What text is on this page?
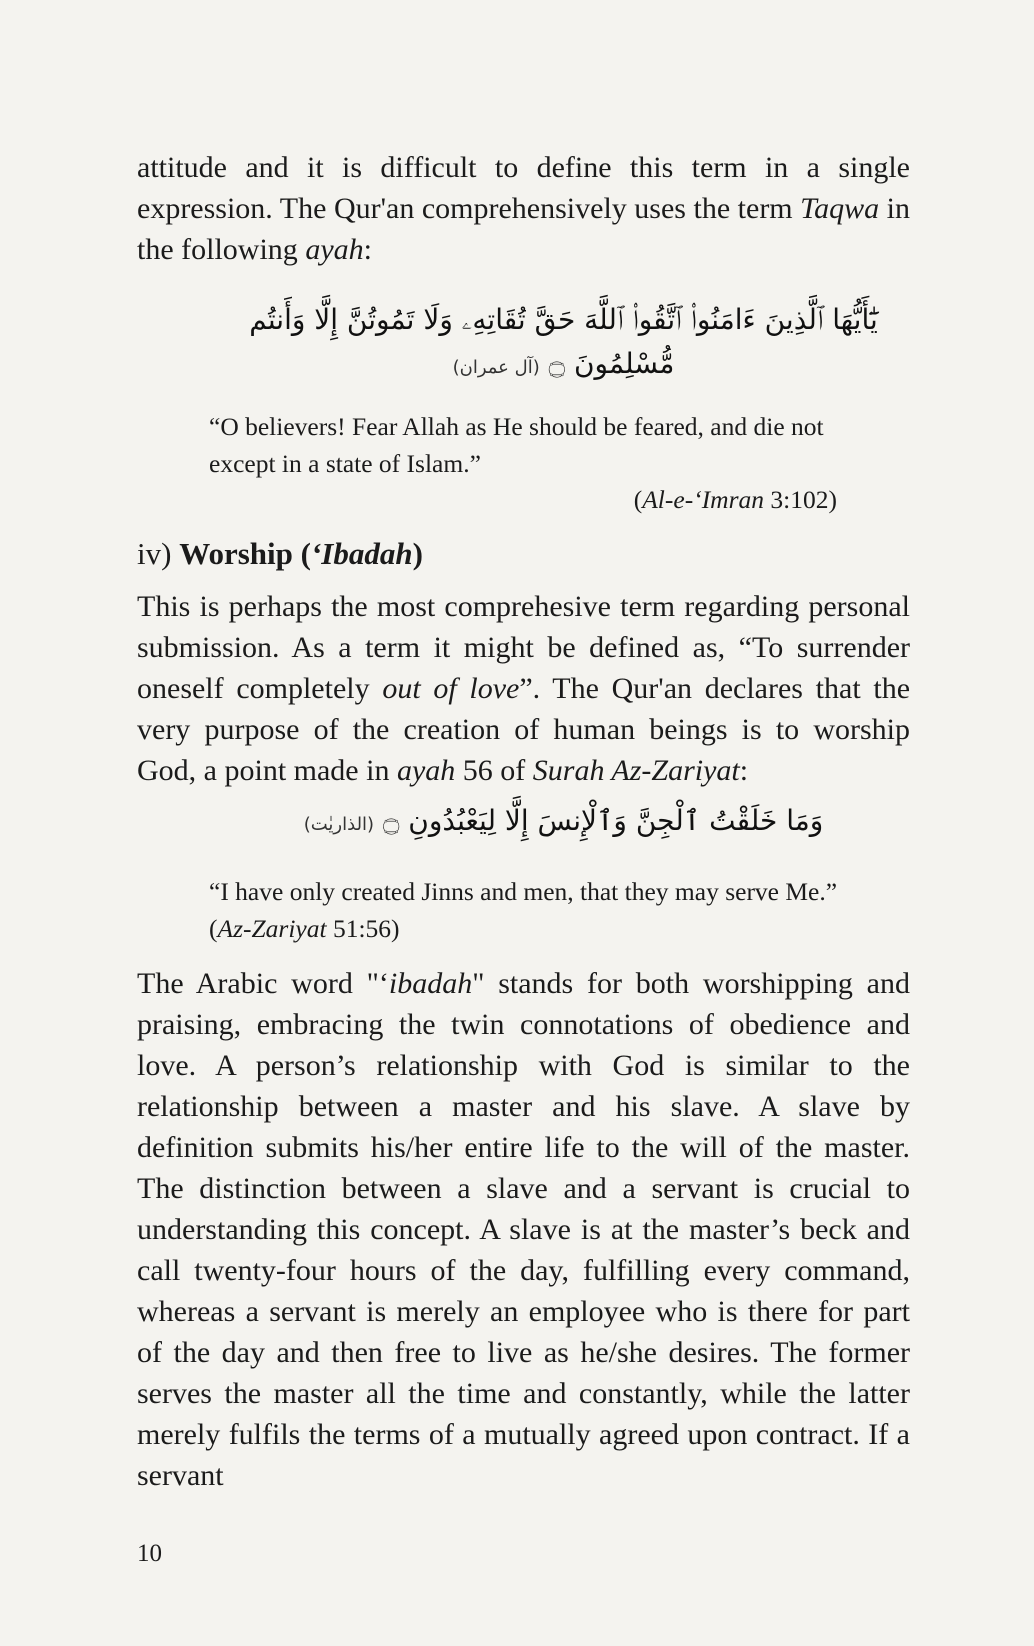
attitude and it is difficult to define this term in a single expression. The Qur'an comprehensively uses the term Taqwa in the following ayah:

يَٰٓأَيُّهَا ٱلَّذِينَ ءَامَنُوا۟ ٱتَّقُوا۟ ٱللَّهَ حَقَّ تُقَاتِهِۦ وَلَا تَمُوتُنَّ إِلَّا وَأَنتُم مُّسْلِمُونَ ۝ (آل عمران)

“O believers! Fear Allah as He should be feared, and die not except in a state of Islam.”

(Al-e-‘Imran 3:102)
iv) Worship (‘Ibadah)

This is perhaps the most comprehesive term regarding personal submission. As a term it might be defined as, “To surrender oneself completely out of love”. The Qur'an declares that the very purpose of the creation of human beings is to worship God, a point made in ayah 56 of Surah Az-Zariyat:

وَمَا خَلَقْتُ ٱلْجِنَّ وَٱلْإِنسَ إِلَّا لِيَعْبُدُونِ ۝ (الذاريٰت)

“I have only created Jinns and men, that they may serve Me.” (Az-Zariyat 51:56)

The Arabic word "‘ibadah" stands for both worshipping and praising, embracing the twin connotations of obedience and love. A person’s relationship with God is similar to the relationship between a master and his slave. A slave by definition submits his/her entire life to the will of the master. The distinction between a slave and a servant is crucial to understanding this concept. A slave is at the master’s beck and call twenty-four hours of the day, fulfilling every command, whereas a servant is merely an employee who is there for part of the day and then free to live as he/she desires. The former serves the master all the time and constantly, while the latter merely fulfils the terms of a mutually agreed upon contract. If a servant

10
